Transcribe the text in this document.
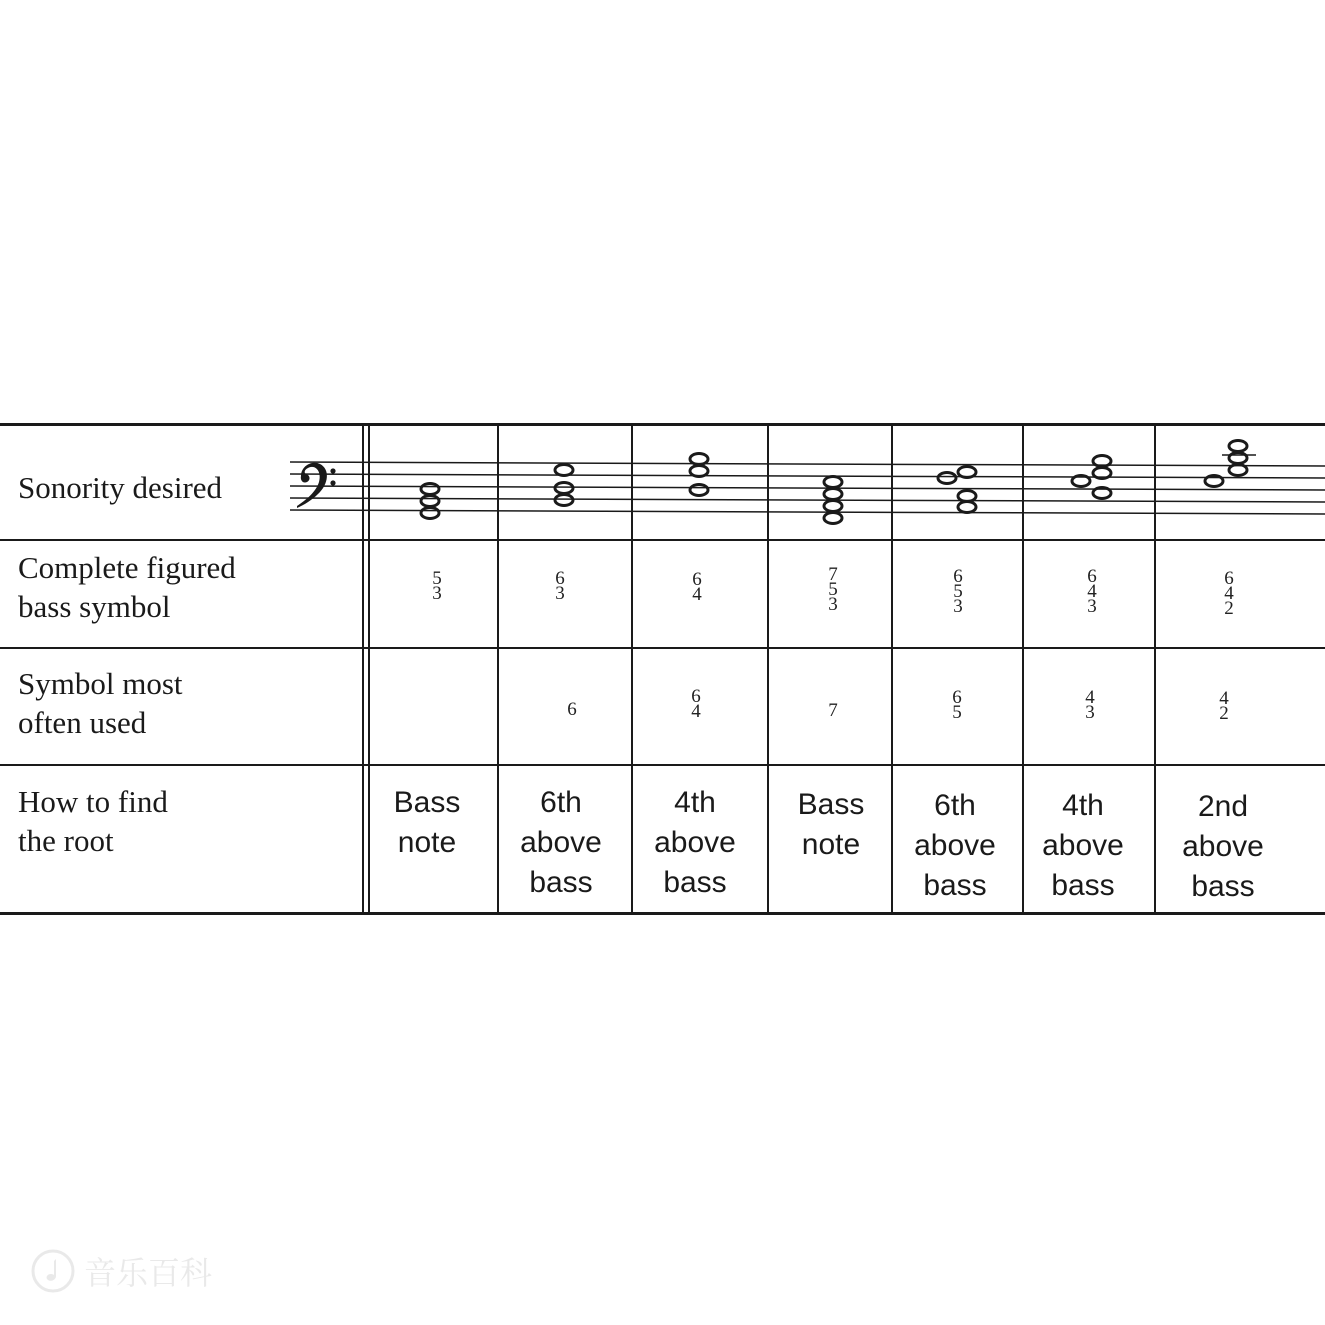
Sonority desired
Complete figured
bass symbol
Symbol most
often used
How to find
the root
5
3
6
3
6
4
7
5
3
6
5
3
6
4
3
6
4
2
6
6
4	7
6
5
4
3
4
2
Bass
note
6th
above
bass
4th
above
bass
Bass
note
6th
above
bass
4th
above
bass
2nd
above
bass
音乐百科
